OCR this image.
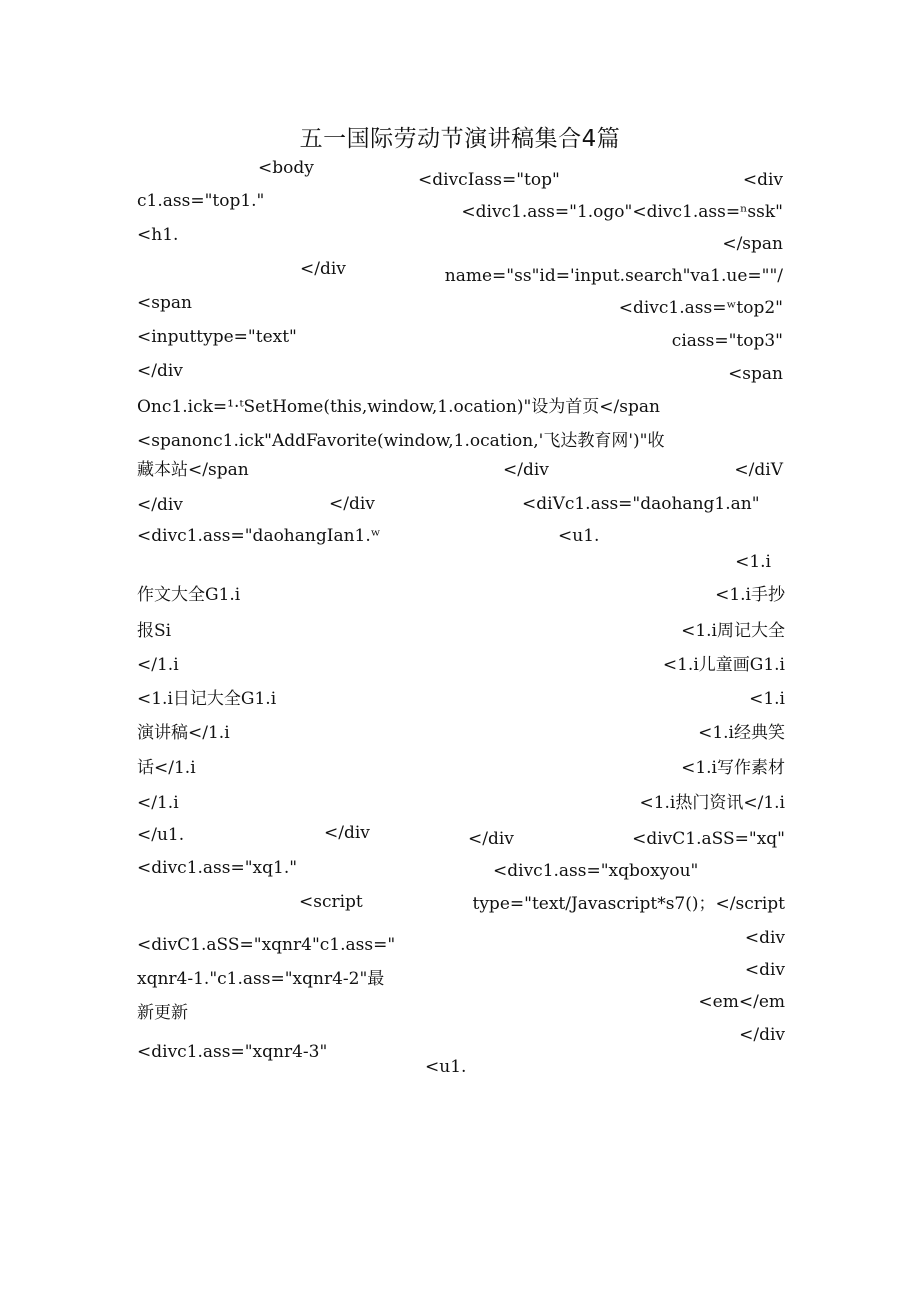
五一国际劳动节演讲稿集合4篇
<body
<divcIass="top"	<div
c1.ass="top1."
<divc1.ass="1.ogo"<divc1.ass=ⁿssk"
<h1.	</span
</div	name="ss"id='input.search"va1.ue=""/
<span	<divc1.ass=ʷtop2"
<inputtype="text"	ciass="top3"
</div	<span
Onc1.ick=¹·ᵗSetHome(this,window,1.ocation)"设为首页</span
<spanonc1.ick"AddFavorite(window,1.ocation,'飞达教育网')"收
藏本站</span	</div	</diV
</div	</div	<diVc1.ass="daohang1.an"
<divc1.ass="daohangIan1.ʷ	<u1.
<1.i
作文大全G1.i	<1.i手抄
报Si	<1.i周记大全
</1.i	<1.i儿童画G1.i
<1.i日记大全G1.i	<1.i
演讲稿</1.i	<1.i经典笑
话</1.i	<1.i写作素材
</1.i	<1.i热门资讯</1.i
</u1.	</div	</div	<divC1.aSS="xq"
<divc1.ass="xq1."	<divc1.ass="xqboxyou"
<script	type="text/Javascript*s7()；</script
<div
<divC1.aSS="xqnr4"c1.ass="
<div
xqnr4-1."c1.ass="xqnr4-2"最
<em</em
新更新
</div
<divc1.ass="xqnr4-3"
<u1.
